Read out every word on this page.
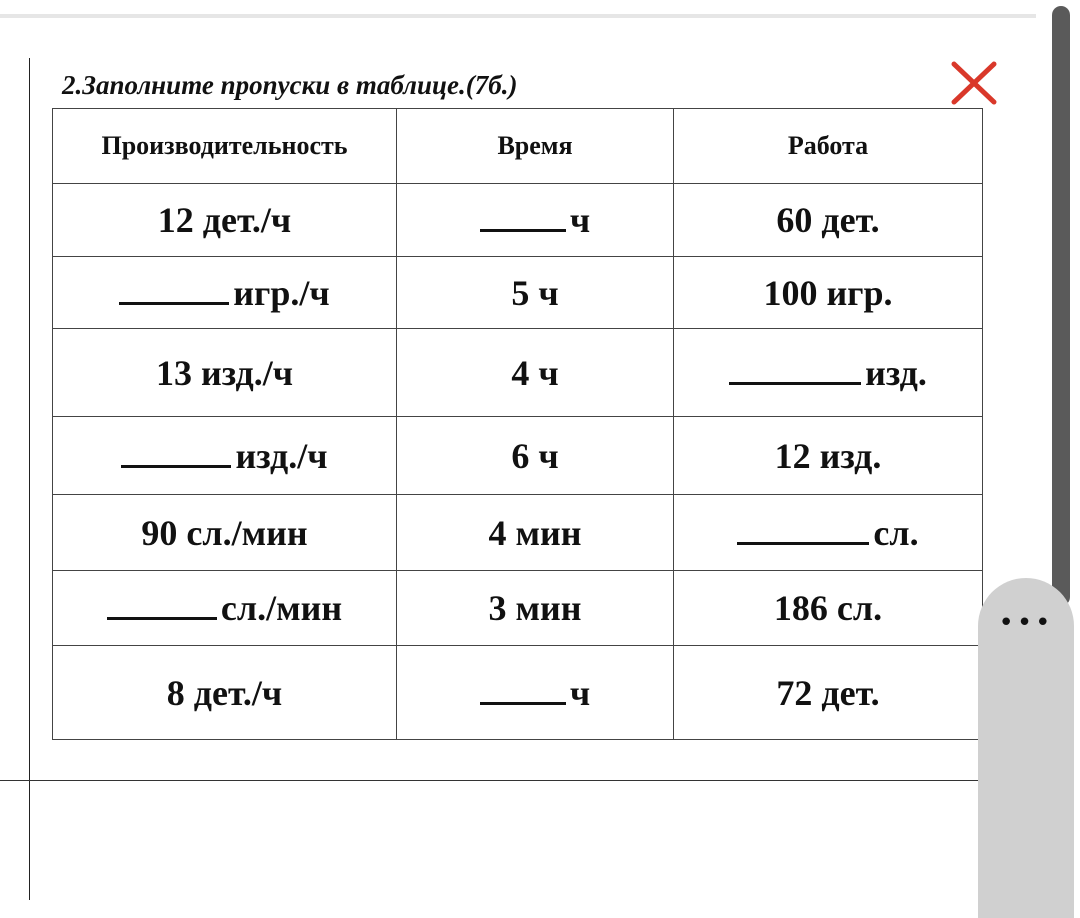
2.Заполните пропуски в таблице.(7б.)
Производительность	Время	Работа
12 дет./ч	ч	60 дет.
игр./ч	5 ч	100 игр.
13 изд./ч	4 ч	изд.
изд./ч	6 ч	12 изд.
90 сл./мин	4 мин	сл.
сл./мин	3 мин	186 сл.
8 дет./ч	ч	72 дет.
•••
